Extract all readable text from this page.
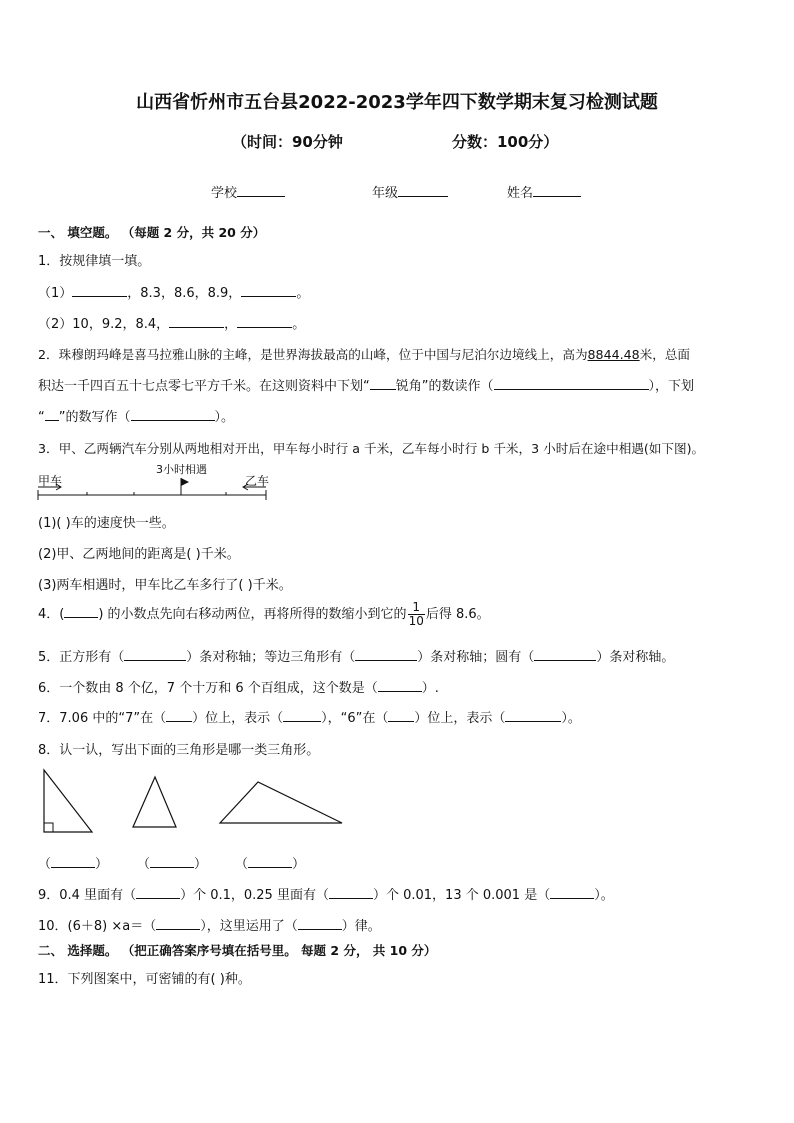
山西省忻州市五台县2022-2023学年四下数学期末复习检测试题
（时间：90分钟	分数：100分）
学校	年级	姓名
一、 填空题。 （每题 2 分，共 20 分）
1．按规律填一填。
（1）	，8.3，8.6，8.9，	。
（2）10，9.2，8.4，	，	。
2．珠穆朗玛峰是喜马拉雅山脉的主峰，是世界海拔最高的山峰，位于中国与尼泊尔边境线上，高为8844.48米，总面
积达一千四百五十七点零七平方千米。在这则资料中下划“ 锐角”的数读作（	），下划
“ ”的数写作（	）。
3．甲、乙两辆汽车分别从两地相对开出，甲车每小时行 a 千米，乙车每小时行 b 千米，3 小时后在途中相遇(如下图)。
甲车
3小时相遇
乙车
(1)( )车的速度快一些。
(2)甲、乙两地间的距离是( )千米。
(3)两车相遇时，甲车比乙车多行了( )千米。
4．(	) 的小数点先向右移动两位，再将所得的数缩小到它的 $\frac{1}{10}$ 后得 8.6。
5．正方形有（	）条对称轴；等边三角形有（	）条对称轴；圆有（	）条对称轴。
6．一个数由 8 个亿，7 个十万和 6 个百组成，这个数是（	）.
7．7.06 中的“7”在（ ）位上，表示（	），“6”在（ ）位上，表示（	）。
8．认一认，写出下面的三角形是哪一类三角形。
（	） （	） （	）
9．0.4 里面有（	）个 0.1，0.25 里面有（	）个 0.01，13 个 0.001 是（	）。
10．(6＋8) ×a＝（	），这里运用了（	）律。
二、 选择题。 （把正确答案序号填在括号里。 每题 2 分， 共 10 分）
11．下列图案中，可密铺的有( )种。
